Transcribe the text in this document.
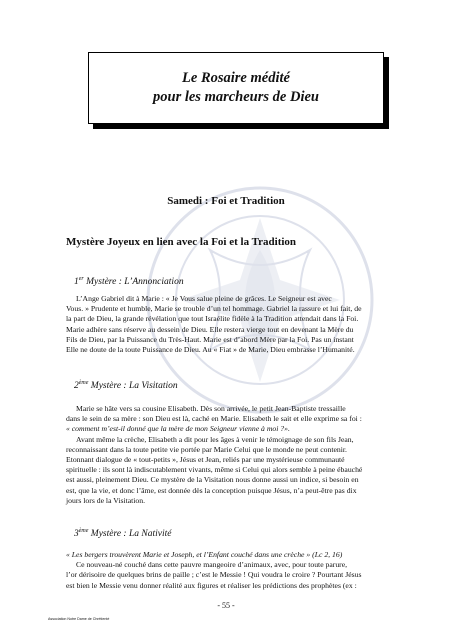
Le Rosaire médité
pour les marcheurs de Dieu
Samedi : Foi et Tradition
Mystère Joyeux en lien avec la Foi et la Tradition
1er Mystère : L’Annonciation
L’Ange Gabriel dit à Marie : « Je Vous salue pleine de grâces. Le Seigneur est avec
Vous. » Prudente et humble, Marie se trouble d’un tel hommage. Gabriel la rassure et lui fait, de
la part de Dieu, la grande révélation que tout Israélite fidèle à la Tradition attendait dans la Foi.
Marie adhère sans réserve au dessein de Dieu. Elle restera vierge tout en devenant la Mère du
Fils de Dieu, par la Puissance du Très-Haut. Marie est d’abord Mère par la Foi. Pas un instant
Elle ne doute de la toute Puissance de Dieu. Au « Fiat » de Marie, Dieu embrasse l’Humanité.
2ème Mystère : La Visitation
Marie se hâte vers sa cousine Elisabeth. Dès son arrivée, le petit Jean-Baptiste tressaille
dans le sein de sa mère : son Dieu est là, caché en Marie. Elisabeth le sait et elle exprime sa foi :
« comment m’est-il donné que la mère de mon Seigneur vienne à moi ?».
Avant même la crèche, Elisabeth a dit pour les âges à venir le témoignage de son fils Jean,
reconnaissant dans la toute petite vie portée par Marie Celui que le monde ne peut contenir.
Etonnant dialogue de « tout-petits », Jésus et Jean, reliés par une mystérieuse communauté
spirituelle : ils sont là indiscutablement vivants, même si Celui qui alors semble à peine ébauché
est aussi, pleinement Dieu. Ce mystère de la Visitation nous donne aussi un indice, si besoin en
est, que la vie, et donc l’âme, est donnée dès la conception puisque Jésus, n’a peut-être pas dix
jours lors de la Visitation.
3ème Mystère : La Nativité
« Les bergers trouvèrent Marie et Joseph, et l’Enfant couché dans une crèche » (Lc 2, 16)
Ce nouveau-né couché dans cette pauvre mangeoire d’animaux, avec, pour toute parure,
l’or dérisoire de quelques brins de paille ; c’est le Messie ! Qui voudra le croire ? Pourtant Jésus
est bien le Messie venu donner réalité aux figures et réaliser les prédictions des prophètes (ex :
- 55 -
Association Notre Dame de Chrétienté
